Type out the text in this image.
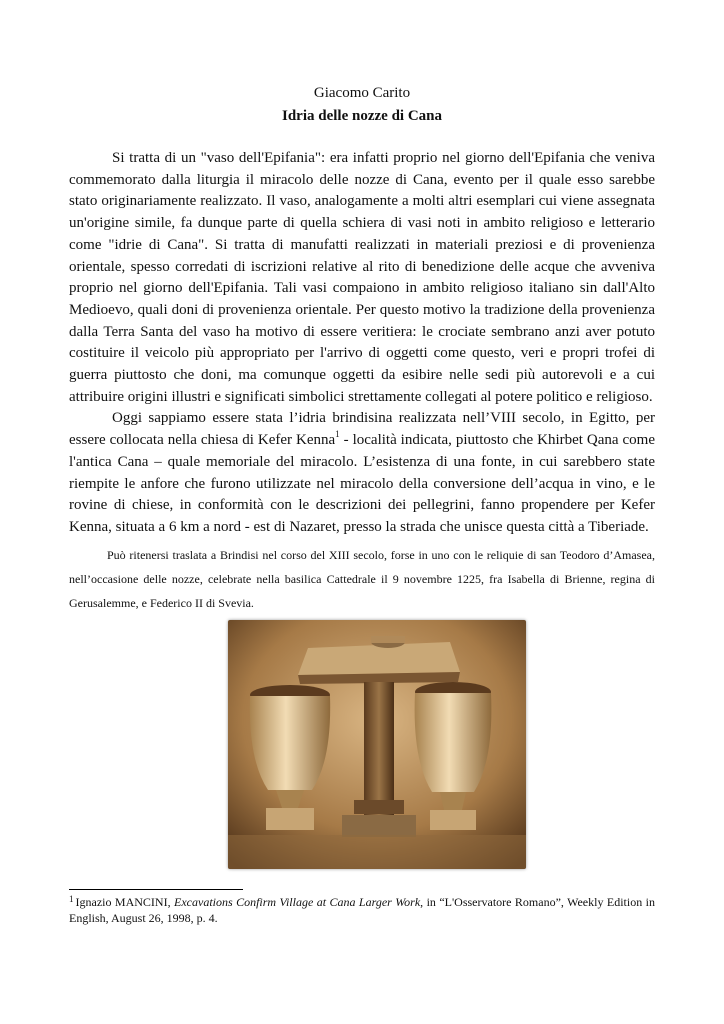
Giacomo Carito
Idria delle nozze di Cana

Si tratta di un "vaso dell'Epifania": era infatti proprio nel giorno dell'Epifania che veniva commemorato dalla liturgia il miracolo delle nozze di Cana, evento per il quale esso sarebbe stato originariamente realizzato. Il vaso, analogamente a molti altri esemplari cui viene assegnata un'origine simile, fa dunque parte di quella schiera di vasi noti in ambito religioso e letterario come "idrie di Cana". Si tratta di manufatti realizzati in materiali preziosi e di provenienza orientale, spesso corredati di iscrizioni relative al rito di benedizione delle acque che avveniva proprio nel giorno dell'Epifania. Tali vasi compaiono in ambito religioso italiano sin dall'Alto Medioevo, quali doni di provenienza orientale. Per questo motivo la tradizione della provenienza dalla Terra Santa del vaso ha motivo di essere veritiera: le crociate sembrano anzi aver potuto costituire il veicolo più appropriato per l'arrivo di oggetti come questo, veri e propri trofei di guerra piuttosto che doni, ma comunque oggetti da esibire nelle sedi più autorevoli e a cui attribuire origini illustri e significati simbolici strettamente collegati al potere politico e religioso.

Oggi sappiamo essere stata l’idria brindisina realizzata nell’VIII secolo, in Egitto, per essere collocata nella chiesa di Kefer Kenna$^1$ - località indicata, piuttosto che Khirbet Qana come l'antica Cana – quale memoriale del miracolo. L’esistenza di una fonte, in cui sarebbero state riempite le anfore che furono utilizzate nel miracolo della conversione dell’acqua in vino, e le rovine di chiese, in conformità con le descrizioni dei pellegrini, fanno propendere per Kefer Kenna, situata a 6 km a nord - est di Nazaret, presso la strada che unisce questa città a Tiberiade.

Può ritenersi traslata a Brindisi nel corso del XIII secolo, forse in uno con le reliquie di san Teodoro d’Amasea, nell’occasione delle nozze, celebrate nella basilica Cattedrale il 9 novembre 1225, fra Isabella di Brienne, regina di Gerusalemme, e Federico II di Svevia.

$^1$ Ignazio MANCINI, Excavations Confirm Village at Cana Larger Work, in “L'Osservatore Romano”, Weekly Edition in English, August 26, 1998, p. 4.
